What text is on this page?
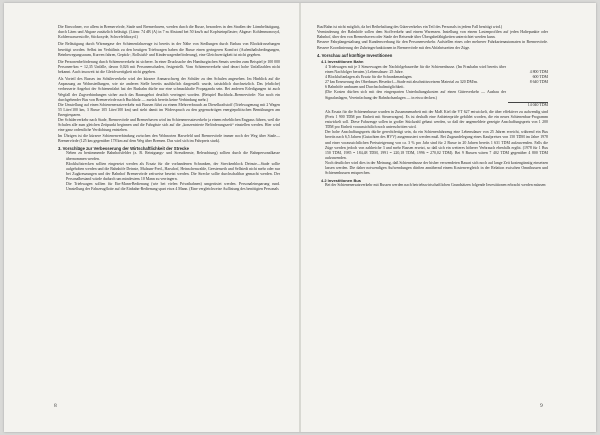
Die Einwohner, vor allem in Bremervörde, Stade und Bremerhaven, werden durch die Busse, besonders in den Straßen der Lärmbelästigung, durch Lärm und Abgase zusätzlich belästigt. (Lärm: 74 dB (A) in 7 m Abstand bei 50 km/h auf Kopfsteinpflaster; Abgase: Kohlenmonoxyd, Kohlenwasserstoffe, Stickoxyde, Schwefeldioxyd.)

Die Belästigung durch Wärmegase der Schienenfahrzeuge ist bereits in der Nähe von Siedlungen durch Einbau von Blockdrosselungen beseitigt worden. Selbst im Verhältnis zu den heutigen Triebwagen haben die Busse einen geringeren Komfort (Aufenthaltsbedingungen, Beinbewegungsraum, Kurven fahren, Gepäck-, Rollstuhl- und Kinderwagenbeförderung), eine Gleichwertigkeit ist nicht gegeben.

Die Personenbeförderung durch Schienenverkehr ist sicherer. In einer Drucksache des Hamburgischen Senats werden zum Beispiel je 100 000 Personen-km = 12,35 Unfälle, davon 0,026 mit Personenschaden, festgestellt. Vom Schienenverkehr sind derart hohe Unfallzahlen nicht bekannt. Auch insoweit ist die Gleichwertigkeit nicht gegeben.

Als Vorteil des Busses im Schülerverkehr wird der kürzere Anmarschweg der Schüler zu den Schulen angesehen. Im Hinblick auf die Anpassung an Wohnsiedlungen, wie sie anderen Stelle bereits ausführlich dargestellt wurde, tatsächlich durchsetzlich. Das (ehrliche) verbesserte Angebot der Schienenfahrt hat der Busbahn dürfte nur eine schmackhafte Propaganda sein. Bei anderen Erledigungen ist auch Wegfall der Zugverbindungen sicher auch das Bauzugebot deutlich verringert worden. (Beispiel Buchholz–Bremervörde: Nur noch ein durchgehender Bus von Bremervörde nach Buchholz — zurück bereits keine Verbindung mehr.)

Die Umstellung auf einen Schienenersatzverkehr mit Bussen führt zu einem Mehrverbrauch an Dieselkraftstoff (Triebwagenzug mit 2 Wagen 55 Liter/100 km, 3 Busse 105 Liter/100 km) und steht damit im Widerspruch zu den gegenwärtigen energiepolitischen Bemühungen am Energiesparen.

Der Schülerverkehr nach Stade, Bremervörde und Bremerhaven wird im Schienenersatzverkehr ja einem erheblichen Engpass führen, weil die Schulen alle zum gleichen Zeitpunkt beginnen und die Fahrgäste sich auf die „konzentrierte Beförderungszeit“ einstellen werden. Hier wird eine ganz ordentliche Verdichtung entstehen.

Im Übrigen ist die kürzere Schienenverbindung zwischen den Wohnorten Harsefeld und Bremervörde immer noch der Weg über Stade—Bremervörde (125 km gegenüber 178 km auf dem Weg über Bremen. Das wird sich im Fahrpreis stark).

3. Vorschläge zur Verbesserung der Wirtschaftlichkeit der Strecke

Neben zu bestimmende Bahnhofsfelder (z. B. Reinigungs- und Streudienste, Beleuchtung) sollten durch die Bahnpersonalkasse übernommen werden.

Blockluftstrecken sollten eingesetzt werden als Ersatz für die vorhandenen Schranken, der Streckenblock Deinste—Stade sollte aufgehoben werden und die Bahnhöfe Deinste, Mulsum-Fred., Harsdorf, Heinschenwalde, Geestenseth und Sellstedt nicht mehr oder nur bei Zugkreuzungen und der Bahnhof Bremervörde zeitweise besetzt werden. Die Strecke sollte durchschaltbar gemacht werden. Der Personalbestand würde dadurch um mindestens 10 Mann zu verringern.

Die Triebwagen sollten für Ein-Mann-Bedienung (wie bei vielen Privatbahnen) umgerüstet werden. Personaleinsparung rund. Umstellung der Fahrzeugflotte auf die Einbahn-Bedienung spart etwa 4 Mann. (Eine vergleichweise Auflistung des benötigten Personals

8

Bus/Bahn ist nicht möglich, da bei Beibehaltung des Güterverkehrs ein Teil des Personals in jedem Fall benötigt wird.)

Verminderung der Bahnhöfe sollen dem Stoffverkehr und einem Warenzen. Instellung von einem Lastenprofilen auf jeden Haltepunkte oder Bahnhof, über den von Bremerhaven oder Stade der Reisende über Übergabefähigkeiten unterrichtet werden kann.

Bessere Fahrplangestaltung und Kundenwerbung für den Personenverkehr. Aufstellen eines oder mehrerer Fahrkartenautomaten in Bremervörde. Bessere Koordinierung der Zubringerfunktionen in Bremervörde mit den Abfahrtszeiten der Züge.

4. Vorschau auf künftige Investitionen
4.1 Investitionen Bahn
4 Triebwagen mit je 3 Steuerwagen der Nachfolgebaureihe für die Schienenbusse. (Im Fraubahn wird bereits über einen Nachfolger beraten.) Lebensdauer: 25 Jahre.	4 800 TDM
4 Blockluftanlagen als Ersatz für die Schrankenanlagen.	600 TDM
27 km Erneuerung des Oberbaues Hesedorf—Stade mit abschnittsweisem Material zu 320 DM/m.	8 640 TDM
6 Bahnhöfe umbauen und Durchschaltmöglichkeit.
(Die Kosten dürften sich mit den eingesparten Unterhaltungskosten auf einen Güterverkehr — Ausbau der Signalanlagen, Vereinfachung der Bahnhofsanlagen — in etwa decken.)
14 040 TDM

Als Ersatz für die Schienenbusse wurden in Zusammenarbeit mit der MaK Kiel die VT 627 entwickelt, die über effektiver zu aufwendig sind (Preis 1 900 TDM pro Einheit mit Steuerwagen). Es ist deshalb eine Anbieterprüfe gebildet worden, die ein neues Schienenbus-Programm entwickelt soll. Diese Fahrzeuge sollen in großer Stückzahl gebaut werden, so daß der angemeldete gezeigte Anschaffungspreis von 1 200 TDM pro Einheit voraussichtlich noch unterschritten wird.

Der hohe Anschaffungspreis dürfte gerechtfertigt sein, da ein Schienenfahrzeug eine Lebensdauer von 25 Jahren erreicht, während ein Bus bereits nach 6,5 Jahren (Gutachten des HVV) ausgemustert werden muß. Bei Zugrundelegung eines Kaufpreises von 150 TDM im Jahre 1978 und einer voraussichtlichen Preissteigerung von ca. 3 % pro Jahr sind für 2 Busse in 20 Jahren bereits 1 631 TDM aufzuwenden. Falls die Züge werden jedoch von zahlreiche 3 und mehr Bussen ersetzt, so daß sich ein weiteres höherer Verbrauch ebenfalls ergibt. (1978 für 1 Bus 150 TDM, 1985 = 184,48 TDM, 1991 = 220,18 TDM, 1996 = 270,02 TDM). Bei 9 Bussen wären 7 402 TDM gegenüber 4 800 TDM aufzuwenden.

Noch deutlicher wird dies in der Meinung, daß Schienenbusse der bisher verwendeten Bauart sich noch auf lange Zeit kostengünstig einsetzen lassen werden. Die daher notwendigen Aufwendungen dürften annähernd einem Kostenvergleich in der Relation zwischen Omnibussen und Schienenbussen entsprechen.

4.2 Investitionen Bus

Bei der Schienenersatzverkehr mit Bussen werden nach betriebswirtschaftlichen Grundsätzen folgende Investitionen erbracht werden müssen:

9
